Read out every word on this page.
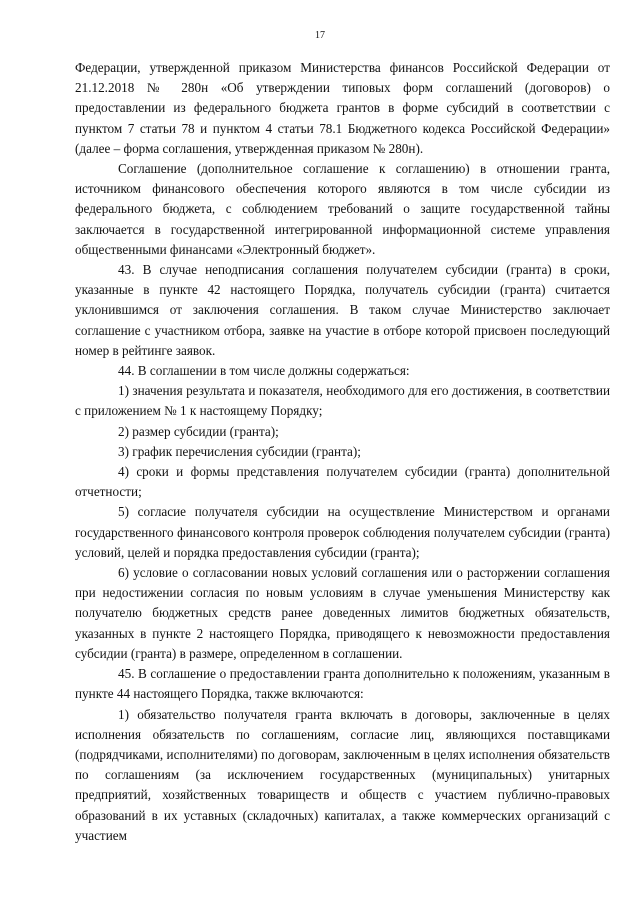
17

Федерации, утвержденной приказом Министерства финансов Российской Федерации от 21.12.2018 № 280н «Об утверждении типовых форм соглашений (договоров) о предоставлении из федерального бюджета грантов в форме субсидий в соответствии с пунктом 7 статьи 78 и пунктом 4 статьи 78.1 Бюджетного кодекса Российской Федерации» (далее – форма соглашения, утвержденная приказом № 280н).

Соглашение (дополнительное соглашение к соглашению) в отношении гранта, источником финансового обеспечения которого являются в том числе субсидии из федерального бюджета, с соблюдением требований о защите государственной тайны заключается в государственной интегрированной информационной системе управления общественными финансами «Электронный бюджет».

43. В случае неподписания соглашения получателем субсидии (гранта) в сроки, указанные в пункте 42 настоящего Порядка, получатель субсидии (гранта) считается уклонившимся от заключения соглашения. В таком случае Министерство заключает соглашение с участником отбора, заявке на участие в отборе которой присвоен последующий номер в рейтинге заявок.

44. В соглашении в том числе должны содержаться:

1) значения результата и показателя, необходимого для его достижения, в соответствии с приложением № 1 к настоящему Порядку;

2) размер субсидии (гранта);

3) график перечисления субсидии (гранта);

4) сроки и формы представления получателем субсидии (гранта) дополнительной отчетности;

5) согласие получателя субсидии на осуществление Министерством и органами государственного финансового контроля проверок соблюдения получателем субсидии (гранта) условий, целей и порядка предоставления субсидии (гранта);

6) условие о согласовании новых условий соглашения или о расторжении соглашения при недостижении согласия по новым условиям в случае уменьшения Министерству как получателю бюджетных средств ранее доведенных лимитов бюджетных обязательств, указанных в пункте 2 настоящего Порядка, приводящего к невозможности предоставления субсидии (гранта) в размере, определенном в соглашении.

45. В соглашение о предоставлении гранта дополнительно к положениям, указанным в пункте 44 настоящего Порядка, также включаются:

1) обязательство получателя гранта включать в договоры, заключенные в целях исполнения обязательств по соглашениям, согласие лиц, являющихся поставщиками (подрядчиками, исполнителями) по договорам, заключенным в целях исполнения обязательств по соглашениям (за исключением государственных (муниципальных) унитарных предприятий, хозяйственных товариществ и обществ с участием публично-правовых образований в их уставных (складочных) капиталах, а также коммерческих организаций с участием
